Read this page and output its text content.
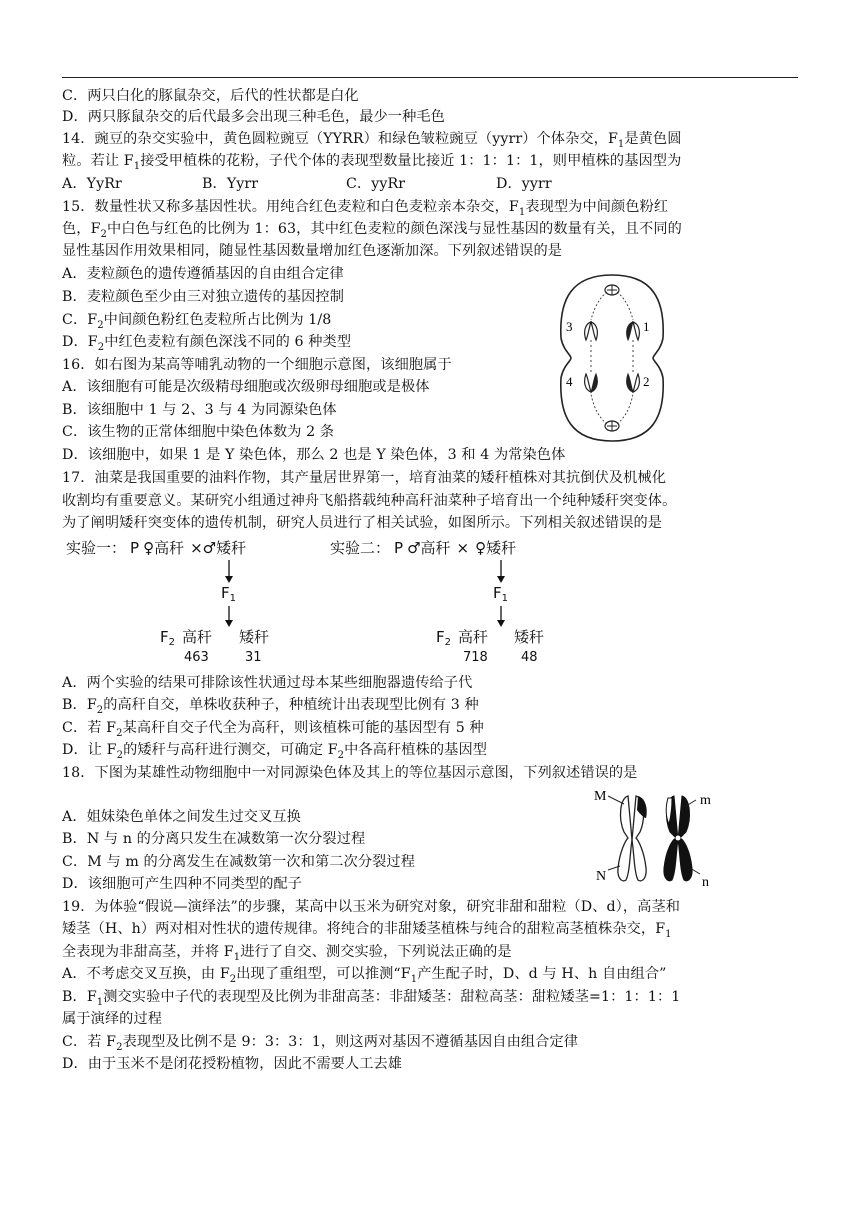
C．两只白化的豚鼠杂交，后代的性状都是白化
D．两只豚鼠杂交的后代最多会出现三种毛色，最少一种毛色
14．豌豆的杂交实验中，黄色圆粒豌豆（YYRR）和绿色皱粒豌豆（yyrr）个体杂交，$F_1$是黄色圆
粒。若让 $F_1$接受甲植株的花粉，子代个体的表现型数量比接近 1：1：1：1，则甲植株的基因型为
A．YyRr	B．Yyrr	C．yyRr	D．yyrr
15．数量性状又称多基因性状。用纯合红色麦粒和白色麦粒亲本杂交，$F_1$表现型为中间颜色粉红
色，$F_2$中白色与红色的比例为 1：63，其中红色麦粒的颜色深浅与显性基因的数量有关，且不同的
显性基因作用效果相同，随显性基因数量增加红色逐渐加深。下列叙述错误的是
A．麦粒颜色的遗传遵循基因的自由组合定律
B．麦粒颜色至少由三对独立遗传的基因控制
C．$F_2$中间颜色粉红色麦粒所占比例为 1/8
D．$F_2$中红色麦粒有颜色深浅不同的 6 种类型
16．如右图为某高等哺乳动物的一个细胞示意图，该细胞属于
A．该细胞有可能是次级精母细胞或次级卵母细胞或是极体
B．该细胞中 1 与 2、3 与 4 为同源染色体
C．该生物的正常体细胞中染色体数为 2 条
D．该细胞中，如果 1 是 Y 染色体，那么 2 也是 Y 染色体，3 和 4 为常染色体
3	1
4	2
17．油菜是我国重要的油料作物，其产量居世界第一，培育油菜的矮秆植株对其抗倒伏及机械化
收割均有重要意义。某研究小组通过神舟飞船搭载纯种高秆油菜种子培育出一个纯种矮秆突变体。
为了阐明矮秆突变体的遗传机制，研究人员进行了相关试验，如图所示。下列相关叙述错误的是
实验一： P ♀高秆 ×♂矮秆
$F_1$
$F_2$ 高秆 矮秆
463	31
实验二： P ♂高秆 × ♀矮秆
$F_1$
$F_2$ 高秆 矮秆
718	48
A．两个实验的结果可排除该性状通过母本某些细胞器遗传给子代
B．$F_2$的高秆自交，单株收获种子，种植统计出表现型比例有 3 种
C．若 $F_2$某高秆自交子代全为高秆，则该植株可能的基因型有 5 种
D．让 $F_2$的矮秆与高秆进行测交，可确定 $F_2$中各高秆植株的基因型
18．下图为某雄性动物细胞中一对同源染色体及其上的等位基因示意图，下列叙述错误的是
A．姐妹染色单体之间发生过交叉互换
B．N 与 n 的分离只发生在减数第一次分裂过程
C．M 与 m 的分离发生在减数第一次和第二次分裂过程
D．该细胞可产生四种不同类型的配子
M	m
N	n
19．为体验“假说—演绎法”的步骤，某高中以玉米为研究对象，研究非甜和甜粒（D、d），高茎和
矮茎（H、h）两对相对性状的遗传规律。将纯合的非甜矮茎植株与纯合的甜粒高茎植株杂交，$F_1$
全表现为非甜高茎，并将 $F_1$进行了自交、测交实验，下列说法正确的是
A．不考虑交叉互换，由 $F_2$出现了重组型，可以推测“$F_1$产生配子时，D、d 与 H、h 自由组合”
B．$F_1$测交实验中子代的表现型及比例为非甜高茎：非甜矮茎：甜粒高茎：甜粒矮茎=1：1：1：1
属于演绎的过程
C．若 $F_2$表现型及比例不是 9：3：3：1，则这两对基因不遵循基因自由组合定律
D．由于玉米不是闭花授粉植物，因此不需要人工去雄
